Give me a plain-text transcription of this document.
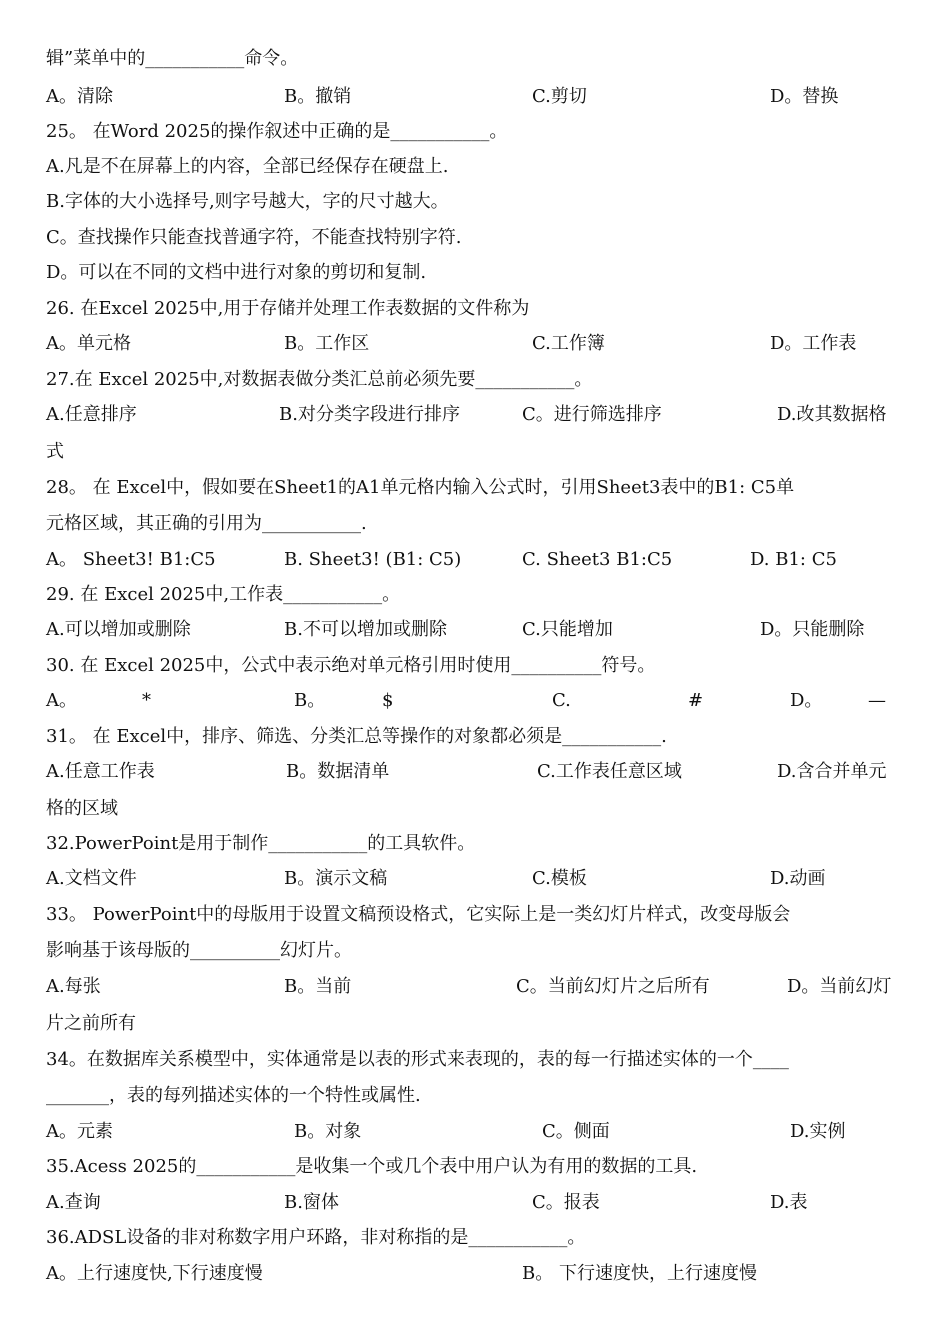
辑”菜单中的___________命令。
A。清除	B。撤销	C.剪切	D。替换
25。 在Word 2025的操作叙述中正确的是___________。
A.凡是不在屏幕上的内容，全部已经保存在硬盘上.
B.字体的大小选择号,则字号越大，字的尺寸越大。
C。查找操作只能查找普通字符，不能查找特别字符.
D。可以在不同的文档中进行对象的剪切和复制.
26. 在Excel 2025中,用于存储并处理工作表数据的文件称为
A。单元格	B。工作区	C.工作簿	D。工作表
27.在 Excel 2025中,对数据表做分类汇总前必须先要___________。
A.任意排序	B.对分类字段进行排序	C。进行筛选排序	D.改其数据格
式
28。 在 Excel中，假如要在Sheet1的A1单元格内输入公式时，引用Sheet3表中的B1: C5单
元格区域，其正确的引用为___________.
A。 Sheet3! B1:C5	B. Sheet3! (B1: C5)	C. Sheet3 B1:C5	D. B1: C5
29. 在 Excel 2025中,工作表___________。
A.可以增加或删除	B.不可以增加或删除	C.只能增加	D。只能删除
30. 在 Excel 2025中，公式中表示绝对单元格引用时使用__________符号。
A。	*	B。	$	C.	#	D。	—
31。 在 Excel中，排序、筛选、分类汇总等操作的对象都必须是___________.
A.任意工作表	B。数据清单	C.工作表任意区域	D.含合并单元
格的区域
32.PowerPoint是用于制作___________的工具软件。
A.文档文件	B。演示文稿	C.模板	D.动画
33。 PowerPoint中的母版用于设置文稿预设格式，它实际上是一类幻灯片样式，改变母版会
影响基于该母版的__________幻灯片。
A.每张	B。当前	C。当前幻灯片之后所有	D。当前幻灯
片之前所有
34。在数据库关系模型中，实体通常是以表的形式来表现的，表的每一行描述实体的一个____
_______，表的每列描述实体的一个特性或属性.
A。元素	B。对象	C。侧面	D.实例
35.Acess 2025的___________是收集一个或几个表中用户认为有用的数据的工具.
A.查询	B.窗体	C。报表	D.表
36.ADSL设备的非对称数字用户环路，非对称指的是___________。
A。上行速度快,下行速度慢	B。 下行速度快，上行速度慢
